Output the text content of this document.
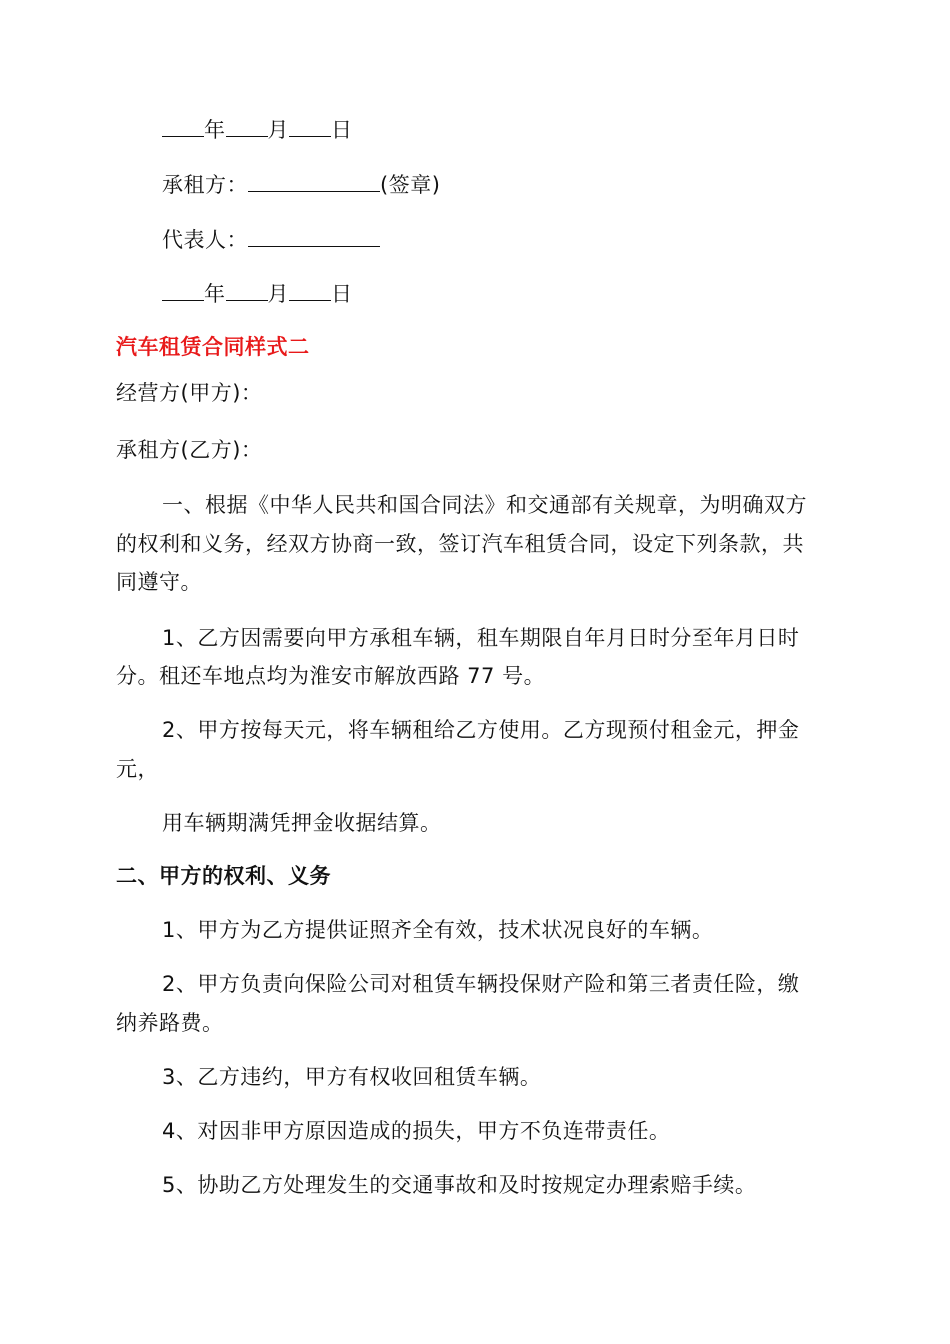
年 月 日
承租方：	(签章)
代表人：
年 月 日
汽车租赁合同样式二
经营方(甲方)：
承租方(乙方)：
一、根据《中华人民共和国合同法》和交通部有关规章，为明确双方
的权利和义务，经双方协商一致，签订汽车租赁合同，设定下列条款，共
同遵守。
1、乙方因需要向甲方承租车辆，租车期限自年月日时分至年月日时
分。租还车地点均为淮安市解放西路 77 号。
2、甲方按每天元，将车辆租给乙方使用。乙方现预付租金元，押金
元，
用车辆期满凭押金收据结算。
二、甲方的权利、义务
1、甲方为乙方提供证照齐全有效，技术状况良好的车辆。
2、甲方负责向保险公司对租赁车辆投保财产险和第三者责任险，缴
纳养路费。
3、乙方违约，甲方有权收回租赁车辆。
4、对因非甲方原因造成的损失，甲方不负连带责任。
5、协助乙方处理发生的交通事故和及时按规定办理索赔手续。
